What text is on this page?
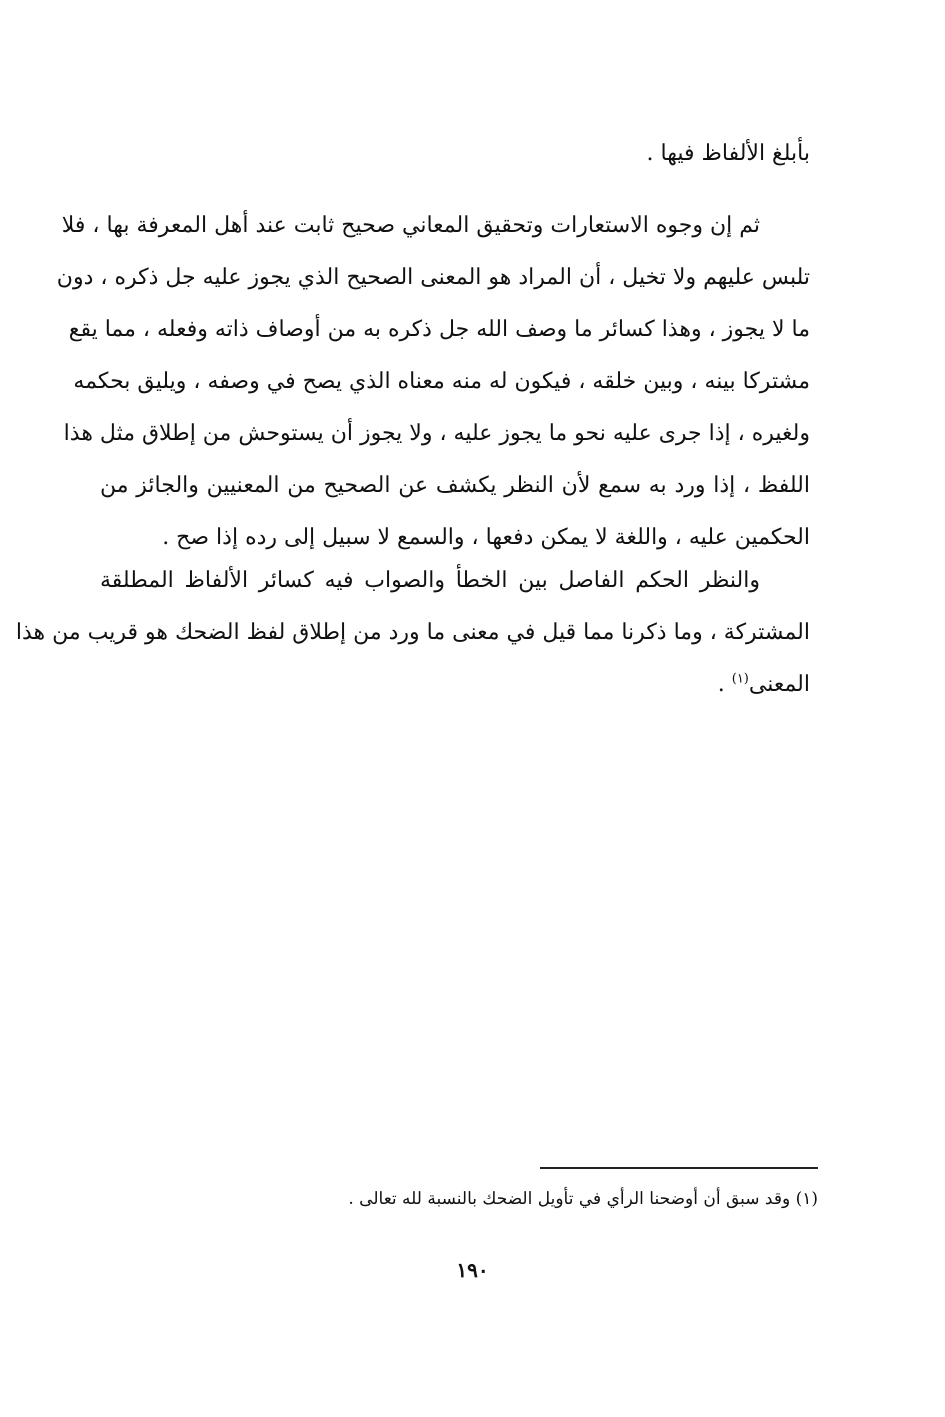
بأبلغ الألفاظ فيها .
ثم إن وجوه الاستعارات وتحقيق المعاني صحيح ثابت عند أهل المعرفة بها ، فلا
تلبس عليهم ولا تخيل ، أن المراد هو المعنى الصحيح الذي يجوز عليه جل ذكره ، دون
ما لا يجوز ، وهذا كسائر ما وصف الله جل ذكره به من أوصاف ذاته وفعله ، مما يقع
مشتركا بينه ، وبين خلقه ، فيكون له منه معناه الذي يصح في وصفه ، ويليق بحكمه
ولغيره ، إذا جرى عليه نحو ما يجوز عليه ، ولا يجوز أن يستوحش من إطلاق مثل هذا
اللفظ ، إذا ورد به سمع لأن النظر يكشف عن الصحيح من المعنيين والجائز من
الحكمين عليه ، واللغة لا يمكن دفعها ، والسمع لا سبيل إلى رده إذا صح .
والنظر الحكم الفاصل بين الخطأ والصواب فيه كسائر الألفاظ المطلقة
المشتركة ، وما ذكرنا مما قيل في معنى ما ورد من إطلاق لفظ الضحك هو قريب من هذا
المعنى$^{(١)}$ .
(١) وقد سبق أن أوضحنا الرأي في تأويل الضحك بالنسبة لله تعالى .
١٩٠
